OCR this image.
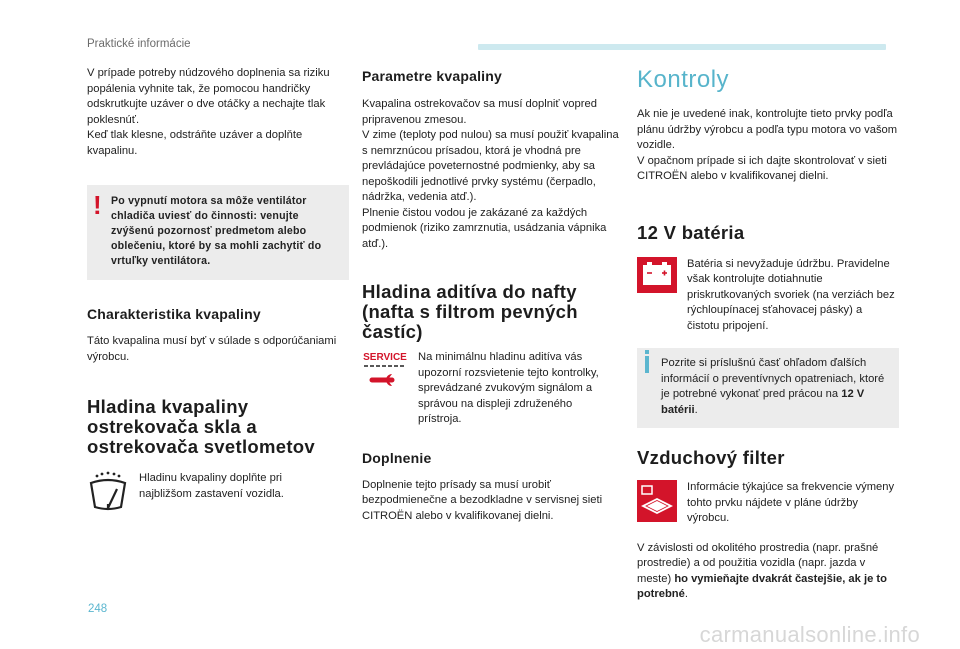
Praktické informácie

V prípade potreby núdzového doplnenia sa riziku popálenia vyhnite tak, že pomocou handričky odskrutkujte uzáver o dve otáčky a nechajte tlak poklesnúť.

Keď tlak klesne, odstráňte uzáver a doplňte kvapalinu.

! Po vypnutí motora sa môže ventilátor chladiča uviesť do činnosti: venujte zvýšenú pozornosť predmetom alebo oblečeniu, ktoré by sa mohli zachytiť do vrtuľky ventilátora.

Charakteristika kvapaliny

Táto kvapalina musí byť v súlade s odporúčaniami výrobcu.

Hladina kvapaliny ostrekovača skla a ostrekovača svetlometov

Hladinu kvapaliny doplňte pri najbližšom zastavení vozidla.

Parametre kvapaliny

Kvapalina ostrekovačov sa musí doplniť vopred pripravenou zmesou.

V zime (teploty pod nulou) sa musí použiť kvapalina s nemrznúcou prísadou, ktorá je vhodná pre prevládajúce poveternostné podmienky, aby sa nepoškodili jednotlivé prvky systému (čerpadlo, nádržka, vedenia atď.).

Plnenie čistou vodou je zakázané za každých podmienok (riziko zamrznutia, usádzania vápnika atď.).

Hladina aditíva do nafty (nafta s filtrom pevných častíc)
SERVICE Na minimálnu hladinu aditíva vás upozorní rozsvietenie tejto kontrolky, sprevádzané zvukovým signálom a správou na displeji združeného prístroja.

Doplnenie

Doplnenie tejto prísady sa musí urobiť bezpodmienečne a bezodkladne v servisnej sieti CITROËN alebo v kvalifikovanej dielni.

Kontroly

Ak nie je uvedené inak, kontrolujte tieto prvky podľa plánu údržby výrobcu a podľa typu motora vo vašom vozidle.

V opačnom prípade si ich dajte skontrolovať v sieti CITROËN alebo v kvalifikovanej dielni.

12 V batéria

Batéria si nevyžaduje údržbu. Pravidelne však kontrolujte dotiahnutie priskrutkovaných svoriek (na verziách bez rýchloupínacej sťahovacej pásky) a čistotu pripojení.

Pozrite si príslušnú časť ohľadom ďalších informácií o preventívnych opatreniach, ktoré je potrebné vykonať pred prácou na 12 V batérii.

Vzduchový filter

Informácie týkajúce sa frekvencie výmeny tohto prvku nájdete v pláne údržby výrobcu.

V závislosti od okolitého prostredia (napr. prašné prostredie) a od použitia vozidla (napr. jazda v meste) ho vymieňajte dvakrát častejšie, ak je to potrebné.

248
carmanualsonline.info
